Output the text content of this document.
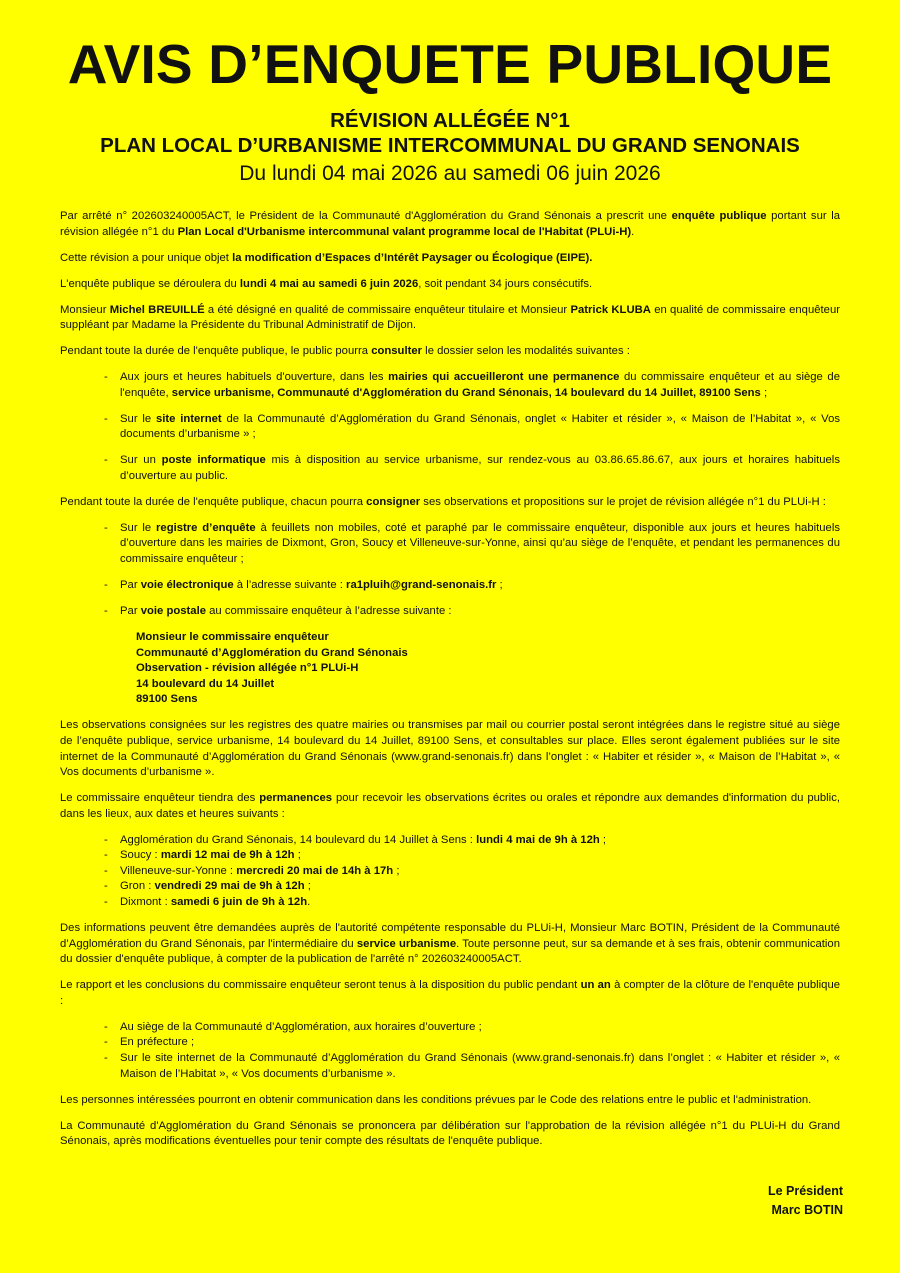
AVIS D’ENQUETE PUBLIQUE
RÉVISION ALLÉGÉE N°1
PLAN LOCAL D’URBANISME INTERCOMMUNAL DU GRAND SENONAIS
Du lundi 04 mai 2026 au samedi 06 juin 2026

Par arrêté n° 202603240005ACT, le Président de la Communauté d'Agglomération du Grand Sénonais a prescrit une enquête publique portant sur la révision allégée n°1 du Plan Local d'Urbanisme intercommunal valant programme local de l'Habitat (PLUi-H).

Cette révision a pour unique objet la modification d’Espaces d’Intérêt Paysager ou Écologique (EIPE).

L'enquête publique se déroulera du lundi 4 mai au samedi 6 juin 2026, soit pendant 34 jours consécutifs.

Monsieur Michel BREUILLÉ a été désigné en qualité de commissaire enquêteur titulaire et Monsieur Patrick KLUBA en qualité de commissaire enquêteur suppléant par Madame la Présidente du Tribunal Administratif de Dijon.

Pendant toute la durée de l'enquête publique, le public pourra consulter le dossier selon les modalités suivantes :

- Aux jours et heures habituels d'ouverture, dans les mairies qui accueilleront une permanence du commissaire enquêteur et au siège de l'enquête, service urbanisme, Communauté d'Agglomération du Grand Sénonais, 14 boulevard du 14 Juillet, 89100 Sens ;
- Sur le site internet de la Communauté d’Agglomération du Grand Sénonais, onglet « Habiter et résider », « Maison de l’Habitat », « Vos documents d’urbanisme » ;
- Sur un poste informatique mis à disposition au service urbanisme, sur rendez-vous au 03.86.65.86.67, aux jours et horaires habituels d’ouverture au public.

Pendant toute la durée de l'enquête publique, chacun pourra consigner ses observations et propositions sur le projet de révision allégée n°1 du PLUi-H :

- Sur le registre d’enquête à feuillets non mobiles, coté et paraphé par le commissaire enquêteur, disponible aux jours et heures habituels d’ouverture dans les mairies de Dixmont, Gron, Soucy et Villeneuve-sur-Yonne, ainsi qu’au siège de l’enquête, et pendant les permanences du commissaire enquêteur ;
- Par voie électronique à l’adresse suivante : ra1pluih@grand-senonais.fr ;
- Par voie postale au commissaire enquêteur à l’adresse suivante :
Monsieur le commissaire enquêteur
Communauté d’Agglomération du Grand Sénonais
Observation - révision allégée n°1 PLUi-H
14 boulevard du 14 Juillet
89100 Sens

Les observations consignées sur les registres des quatre mairies ou transmises par mail ou courrier postal seront intégrées dans le registre situé au siège de l’enquête publique, service urbanisme, 14 boulevard du 14 Juillet, 89100 Sens, et consultables sur place. Elles seront également publiées sur le site internet de la Communauté d’Agglomération du Grand Sénonais (www.grand-senonais.fr) dans l’onglet : « Habiter et résider », « Maison de l’Habitat », « Vos documents d’urbanisme ».

Le commissaire enquêteur tiendra des permanences pour recevoir les observations écrites ou orales et répondre aux demandes d'information du public, dans les lieux, aux dates et heures suivants :

- Agglomération du Grand Sénonais, 14 boulevard du 14 Juillet à Sens : lundi 4 mai de 9h à 12h ;
- Soucy : mardi 12 mai de 9h à 12h ;
- Villeneuve-sur-Yonne : mercredi 20 mai de 14h à 17h ;
- Gron : vendredi 29 mai de 9h à 12h ;
- Dixmont : samedi 6 juin de 9h à 12h.

Des informations peuvent être demandées auprès de l'autorité compétente responsable du PLUi-H, Monsieur Marc BOTIN, Président de la Communauté d’Agglomération du Grand Sénonais, par l'intermédiaire du service urbanisme. Toute personne peut, sur sa demande et à ses frais, obtenir communication du dossier d'enquête publique, à compter de la publication de l'arrêté n° 202603240005ACT.

Le rapport et les conclusions du commissaire enquêteur seront tenus à la disposition du public pendant un an à compter de la clôture de l'enquête publique :

- Au siège de la Communauté d’Agglomération, aux horaires d’ouverture ;
- En préfecture ;
- Sur le site internet de la Communauté d’Agglomération du Grand Sénonais (www.grand-senonais.fr) dans l’onglet : « Habiter et résider », « Maison de l’Habitat », « Vos documents d’urbanisme ».

Les personnes intéressées pourront en obtenir communication dans les conditions prévues par le Code des relations entre le public et l'administration.

La Communauté d'Agglomération du Grand Sénonais se prononcera par délibération sur l'approbation de la révision allégée n°1 du PLUi-H du Grand Sénonais, après modifications éventuelles pour tenir compte des résultats de l'enquête publique.

Le Président
Marc BOTIN
